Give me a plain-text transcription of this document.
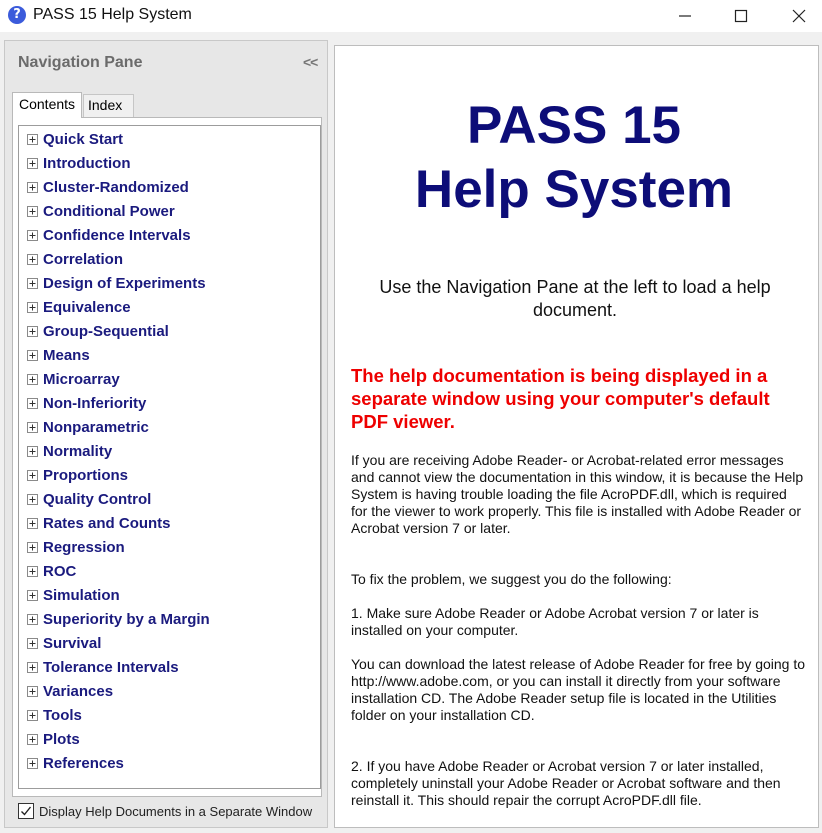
? PASS 15 Help System
Navigation Pane	<<
Contents Index
Quick Start
Introduction
Cluster-Randomized
Conditional Power
Confidence Intervals
Correlation
Design of Experiments
Equivalence
Group-Sequential
Means
Microarray
Non-Inferiority
Nonparametric
Normality
Proportions
Quality Control
Rates and Counts
Regression
ROC
Simulation
Superiority by a Margin
Survival
Tolerance Intervals
Variances
Tools
Plots
References
Display Help Documents in a Separate Window
PASS 15
Help System
Use the Navigation Pane at the left to load a help document.
The help documentation is being displayed in a separate window using your computer's default PDF viewer.
If you are receiving Adobe Reader- or Acrobat-related error messages and cannot view the documentation in this window, it is because the Help System is having trouble loading the file AcroPDF.dll, which is required for the viewer to work properly. This file is installed with Adobe Reader or Acrobat version 7 or later.
To fix the problem, we suggest you do the following:
1. Make sure Adobe Reader or Adobe Acrobat version 7 or later is installed on your computer.
You can download the latest release of Adobe Reader for free by going to http://www.adobe.com, or you can install it directly from your software installation CD. The Adobe Reader setup file is located in the Utilities folder on your installation CD.
2. If you have Adobe Reader or Acrobat version 7 or later installed, completely uninstall your Adobe Reader or Acrobat software and then reinstall it. This should repair the corrupt AcroPDF.dll file.
